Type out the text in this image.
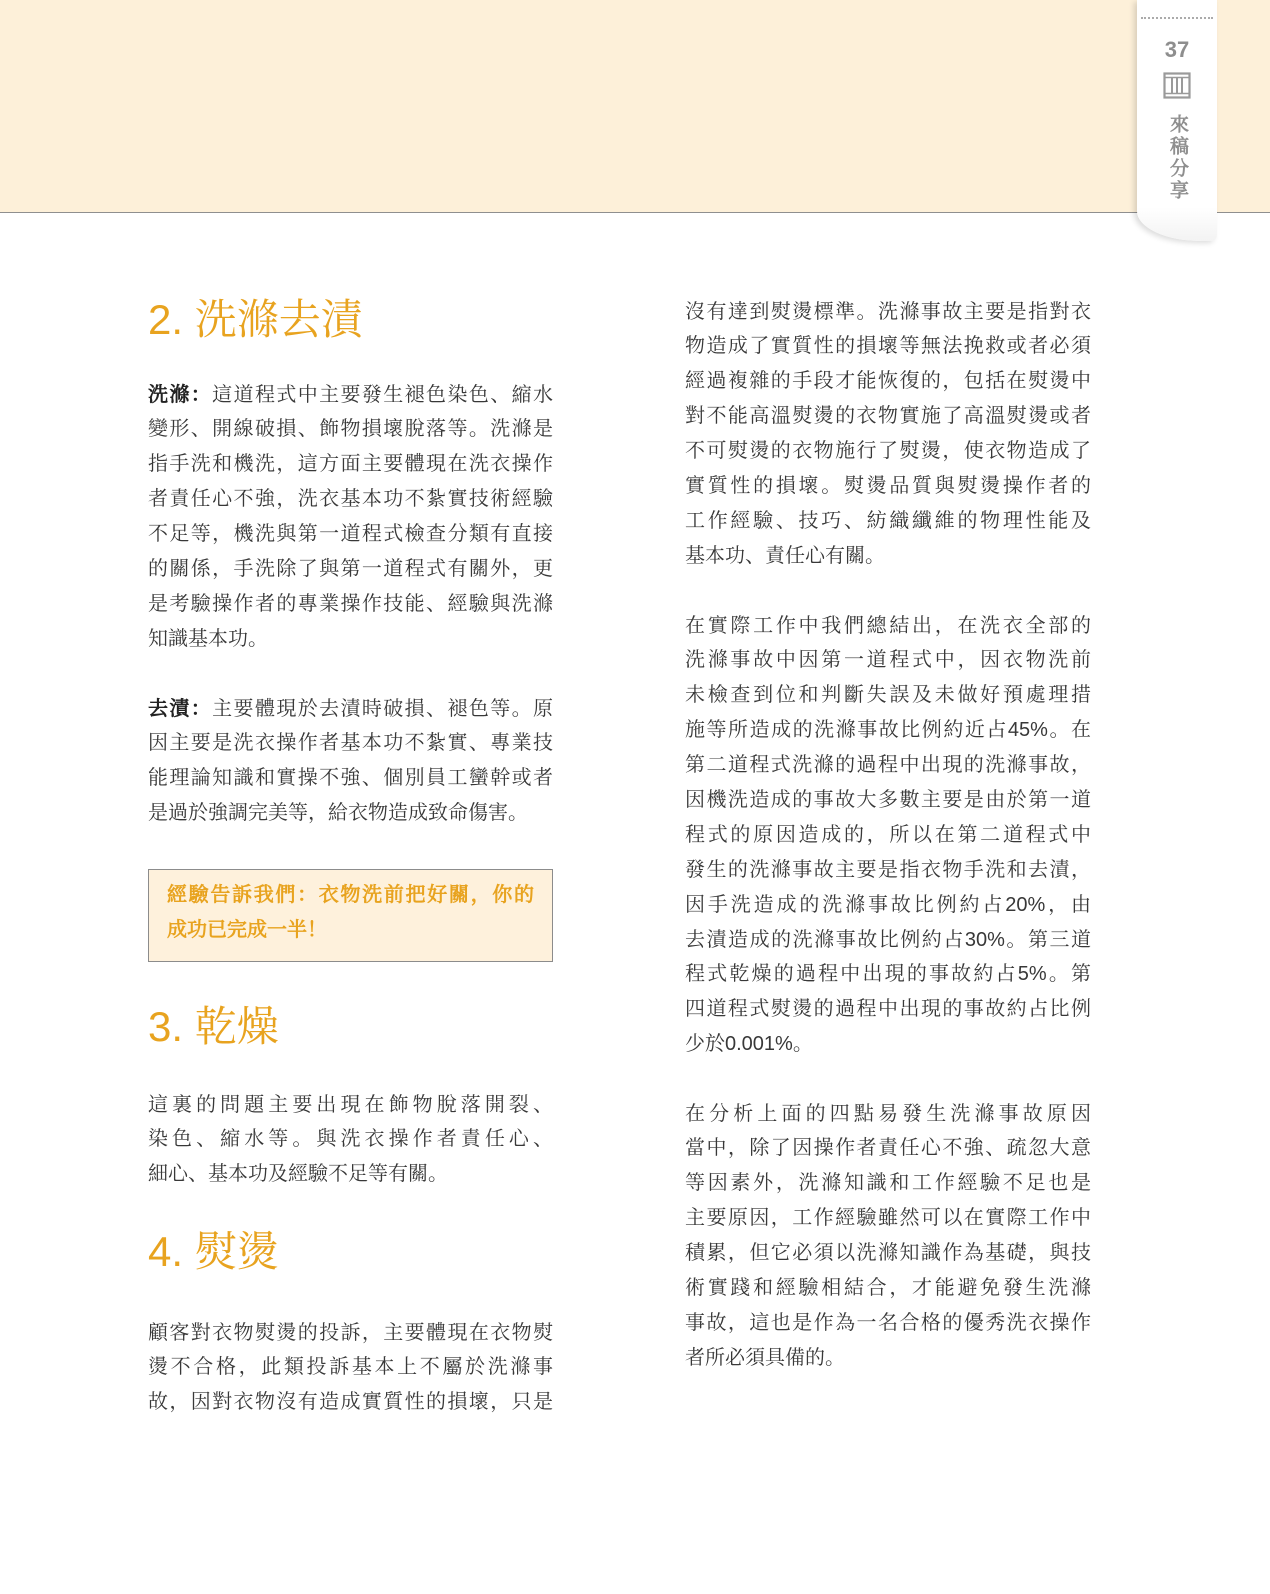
37
來稿分享
2. 洗滌去漬
洗滌：這道程式中主要發生褪色染色、縮水
變形、開線破損、飾物損壞脫落等。洗滌是
指手洗和機洗，這方面主要體現在洗衣操作
者責任心不強，洗衣基本功不紮實技術經驗
不足等，機洗與第一道程式檢查分類有直接
的關係，手洗除了與第一道程式有關外，更
是考驗操作者的專業操作技能、經驗與洗滌
知識基本功。
去漬：主要體現於去漬時破損、褪色等。原
因主要是洗衣操作者基本功不紮實、專業技
能理論知識和實操不強、個別員工蠻幹或者
是過於強調完美等，給衣物造成致命傷害。
經驗告訴我們：衣物洗前把好關，你的
成功已完成一半！
3. 乾燥
這裏的問題主要出現在飾物脫落開裂、
染色、縮水等。與洗衣操作者責任心、
細心、基本功及經驗不足等有關。
4. 熨燙
顧客對衣物熨燙的投訴，主要體現在衣物熨
燙不合格，此類投訴基本上不屬於洗滌事
故，因對衣物沒有造成實質性的損壞，只是
沒有達到熨燙標準。洗滌事故主要是指對衣
物造成了實質性的損壞等無法挽救或者必須
經過複雜的手段才能恢復的，包括在熨燙中
對不能高溫熨燙的衣物實施了高溫熨燙或者
不可熨燙的衣物施行了熨燙，使衣物造成了
實質性的損壞。熨燙品質與熨燙操作者的
工作經驗、技巧、紡織纖維的物理性能及
基本功、責任心有關。
在實際工作中我們總結出，在洗衣全部的
洗滌事故中因第一道程式中，因衣物洗前
未檢查到位和判斷失誤及未做好預處理措
施等所造成的洗滌事故比例約近占45%。在
第二道程式洗滌的過程中出現的洗滌事故，
因機洗造成的事故大多數主要是由於第一道
程式的原因造成的，所以在第二道程式中
發生的洗滌事故主要是指衣物手洗和去漬，
因手洗造成的洗滌事故比例約占20%，由
去漬造成的洗滌事故比例約占30%。第三道
程式乾燥的過程中出現的事故約占5%。第
四道程式熨燙的過程中出現的事故約占比例
少於0.001%。
在分析上面的四點易發生洗滌事故原因
當中，除了因操作者責任心不強、疏忽大意
等因素外，洗滌知識和工作經驗不足也是
主要原因，工作經驗雖然可以在實際工作中
積累，但它必須以洗滌知識作為基礎，與技
術實踐和經驗相結合，才能避免發生洗滌
事故，這也是作為一名合格的優秀洗衣操作
者所必須具備的。
